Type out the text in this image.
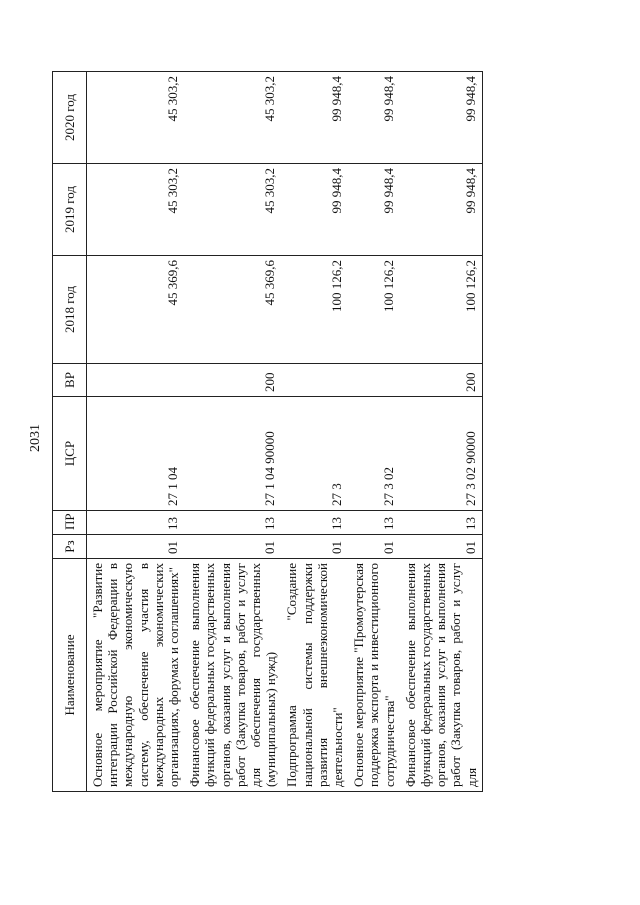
2031
Наименование	Рз	ПР	ЦСР	ВР	2018 год	2019 год	2020 год
Основное мероприятие "Развитие интеграции Российской Федерации в международную экономическую систему, обеспечение участия в международных экономических организациях, форумах и соглашениях"	01	13	27 1 04		45 369,6	45 303,2	45 303,2
Финансовое обеспечение выполнения функций федеральных государственных органов, оказания услуг и выполнения работ (Закупка товаров, работ и услуг для обеспечения государственных (муниципальных) нужд)	01	13	27 1 04 90000	200	45 369,6	45 303,2	45 303,2
Подпрограмма "Создание национальной системы поддержки развития внешнеэкономической деятельности"	01	13	27 3		100 126,2	99 948,4	99 948,4
Основное мероприятие "Промоутерская поддержка экспорта и инвестиционного сотрудничества"	01	13	27 3 02		100 126,2	99 948,4	99 948,4
Финансовое обеспечение выполнения функций федеральных государственных органов, оказания услуг и выполнения работ (Закупка товаров, работ и услуг для	01	13	27 3 02 90000	200	100 126,2	99 948,4	99 948,4
